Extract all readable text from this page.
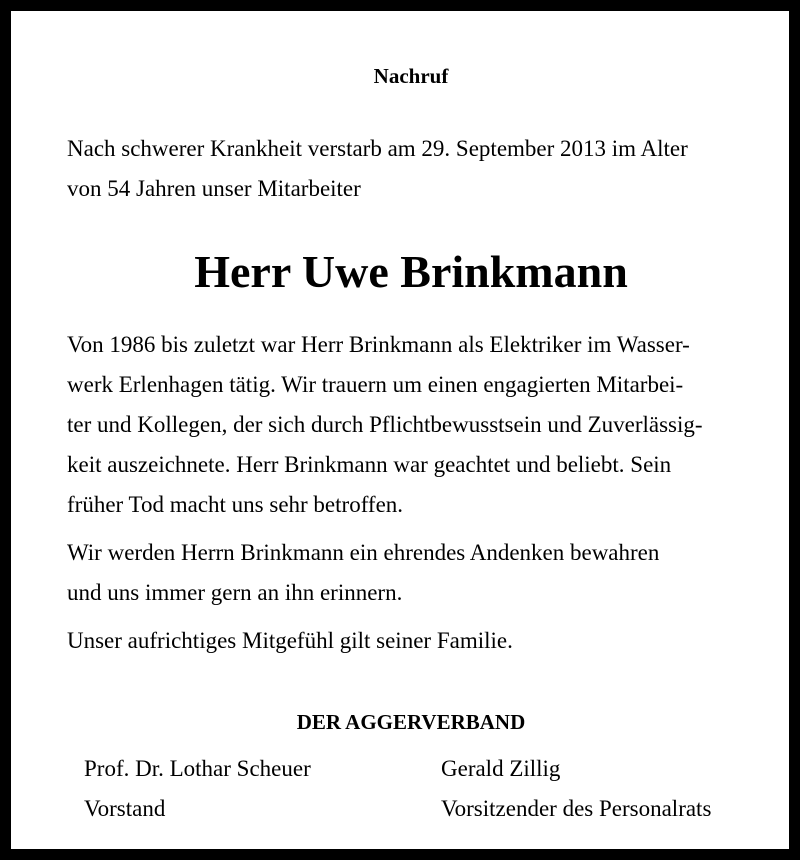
Nachruf
Nach schwerer Krankheit verstarb am 29. September 2013 im Alter
von 54 Jahren unser Mitarbeiter
Herr Uwe Brinkmann
Von 1986 bis zuletzt war Herr Brinkmann als Elektriker im Wasser-
werk Erlenhagen tätig. Wir trauern um einen engagierten Mitarbei-
ter und Kollegen, der sich durch Pflichtbewusstsein und Zuverlässig-
keit auszeichnete. Herr Brinkmann war geachtet und beliebt. Sein
früher Tod macht uns sehr betroffen.
Wir werden Herrn Brinkmann ein ehrendes Andenken bewahren
und uns immer gern an ihn erinnern.
Unser aufrichtiges Mitgefühl gilt seiner Familie.
DER AGGERVERBAND
Prof. Dr. Lothar Scheuer
Vorstand
Gerald Zillig
Vorsitzender des Personalrats
